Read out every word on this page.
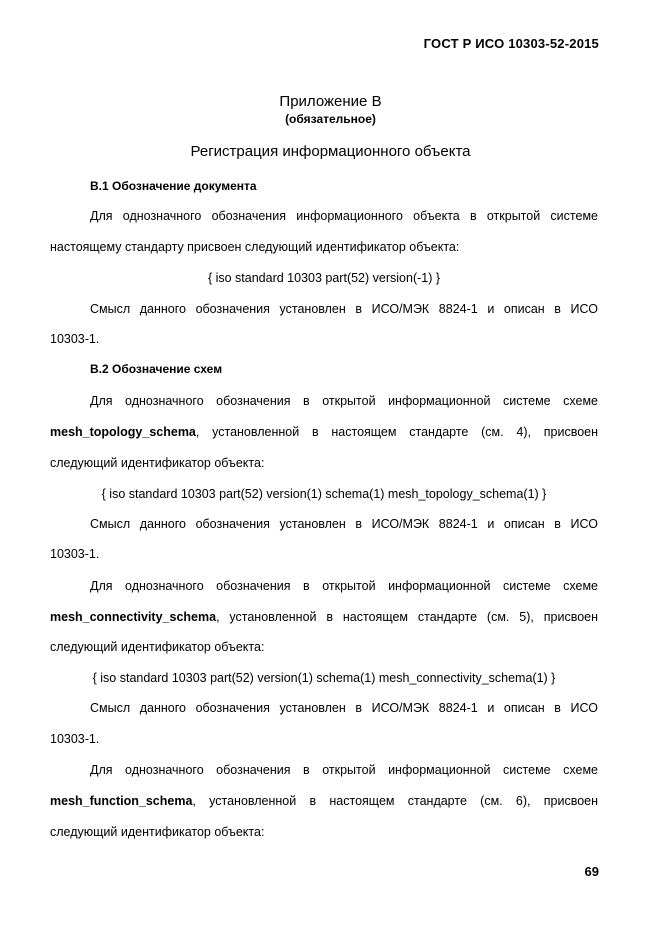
ГОСТ Р ИСО 10303-52-2015
Приложение В
(обязательное)
Регистрация информационного объекта
В.1 Обозначение документа
Для однозначного обозначения информационного объекта в открытой системе
настоящему стандарту присвоен следующий идентификатор объекта:
{ iso standard 10303 part(52) version(-1) }
Смысл данного обозначения установлен в ИСО/МЭК 8824-1 и описан в ИСО
10303-1.
В.2 Обозначение схем
Для однозначного обозначения в открытой информационной системе схеме
mesh_topology_schema, установленной в настоящем стандарте (см. 4), присвоен
следующий идентификатор объекта:
{ iso standard 10303 part(52) version(1) schema(1) mesh_topology_schema(1) }
Смысл данного обозначения установлен в ИСО/МЭК 8824-1 и описан в ИСО
10303-1.
Для однозначного обозначения в открытой информационной системе схеме
mesh_connectivity_schema, установленной в настоящем стандарте (см. 5), присвоен
следующий идентификатор объекта:
{ iso standard 10303 part(52) version(1) schema(1) mesh_connectivity_schema(1) }
Смысл данного обозначения установлен в ИСО/МЭК 8824-1 и описан в ИСО
10303-1.
Для однозначного обозначения в открытой информационной системе схеме
mesh_function_schema, установленной в настоящем стандарте (см. 6), присвоен
следующий идентификатор объекта:
69
